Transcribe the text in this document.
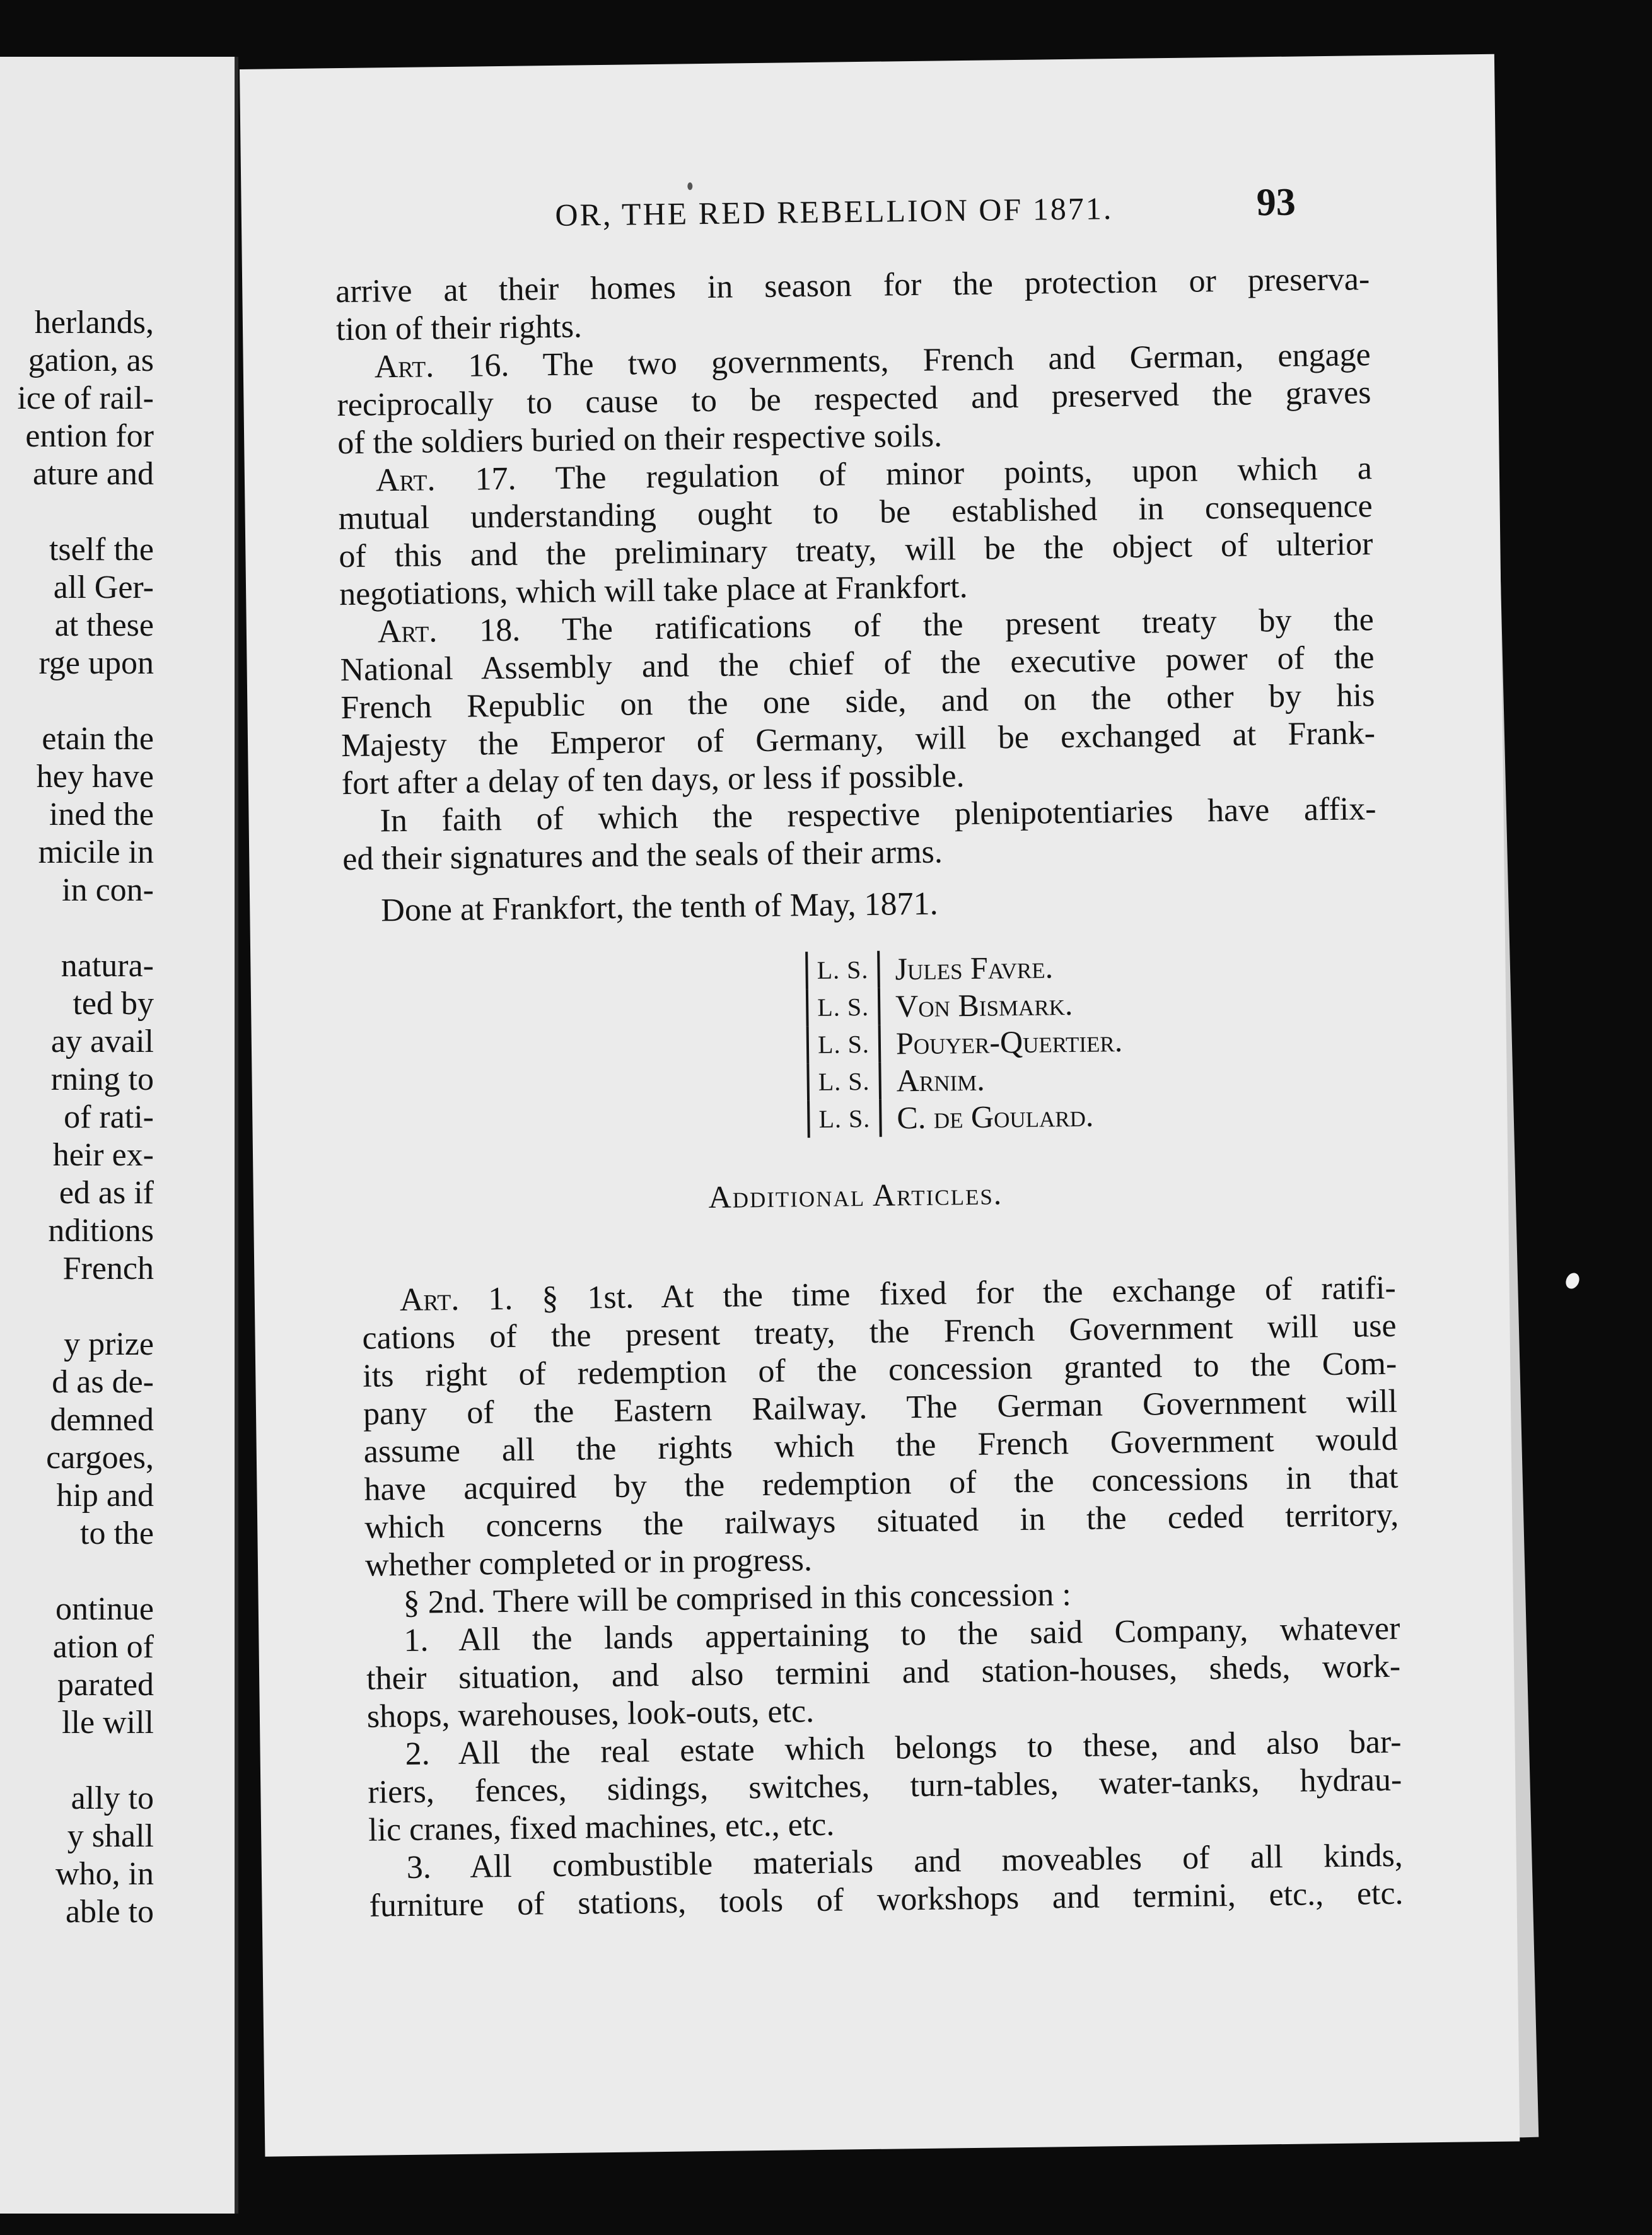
herlands,
gation, as
ice of rail-
ention for
ature and
tself the
all Ger-
at these
rge upon
etain the
hey have
ined the
micile in
in con-
natura-
ted by
ay avail
rning to
of rati-
heir ex-
ed as if
nditions
French
y prize
d as de-
demned
cargoes,
hip and
to the
ontinue
ation of
parated
lle will
ally to
y shall
who, in
able to
OR, THE RED REBELLION OF 1871.	93
arrive at their homes in season for the protection or preserva-
tion of their rights.
Art. 16. The two governments, French and German, engage
reciprocally to cause to be respected and preserved the graves
of the soldiers buried on their respective soils.
Art. 17. The regulation of minor points, upon which a
mutual understanding ought to be established in consequence
of this and the preliminary treaty, will be the object of ulterior
negotiations, which will take place at Frankfort.
Art. 18. The ratifications of the present treaty by the
National Assembly and the chief of the executive power of the
French Republic on the one side, and on the other by his
Majesty the Emperor of Germany, will be exchanged at Frank-
fort after a delay of ten days, or less if possible.
In faith of which the respective plenipotentiaries have affix-
ed their signatures and the seals of their arms.
Done at Frankfort, the tenth of May, 1871.
L. S. Jules Favre.
L. S. Von Bismark.
L. S. Pouyer-Quertier.
L. S. Arnim.
L. S. C. de Goulard.
Additional Articles.
Art. 1. § 1st. At the time fixed for the exchange of ratifi-
cations of the present treaty, the French Government will use
its right of redemption of the concession granted to the Com-
pany of the Eastern Railway. The German Government will
assume all the rights which the French Government would
have acquired by the redemption of the concessions in that
which concerns the railways situated in the ceded territory,
whether completed or in progress.
§ 2nd. There will be comprised in this concession :
1. All the lands appertaining to the said Company, whatever
their situation, and also termini and station-houses, sheds, work-
shops, warehouses, look-outs, etc.
2. All the real estate which belongs to these, and also bar-
riers, fences, sidings, switches, turn-tables, water-tanks, hydrau-
lic cranes, fixed machines, etc., etc.
3. All combustible materials and moveables of all kinds,
furniture of stations, tools of workshops and termini, etc., etc.
